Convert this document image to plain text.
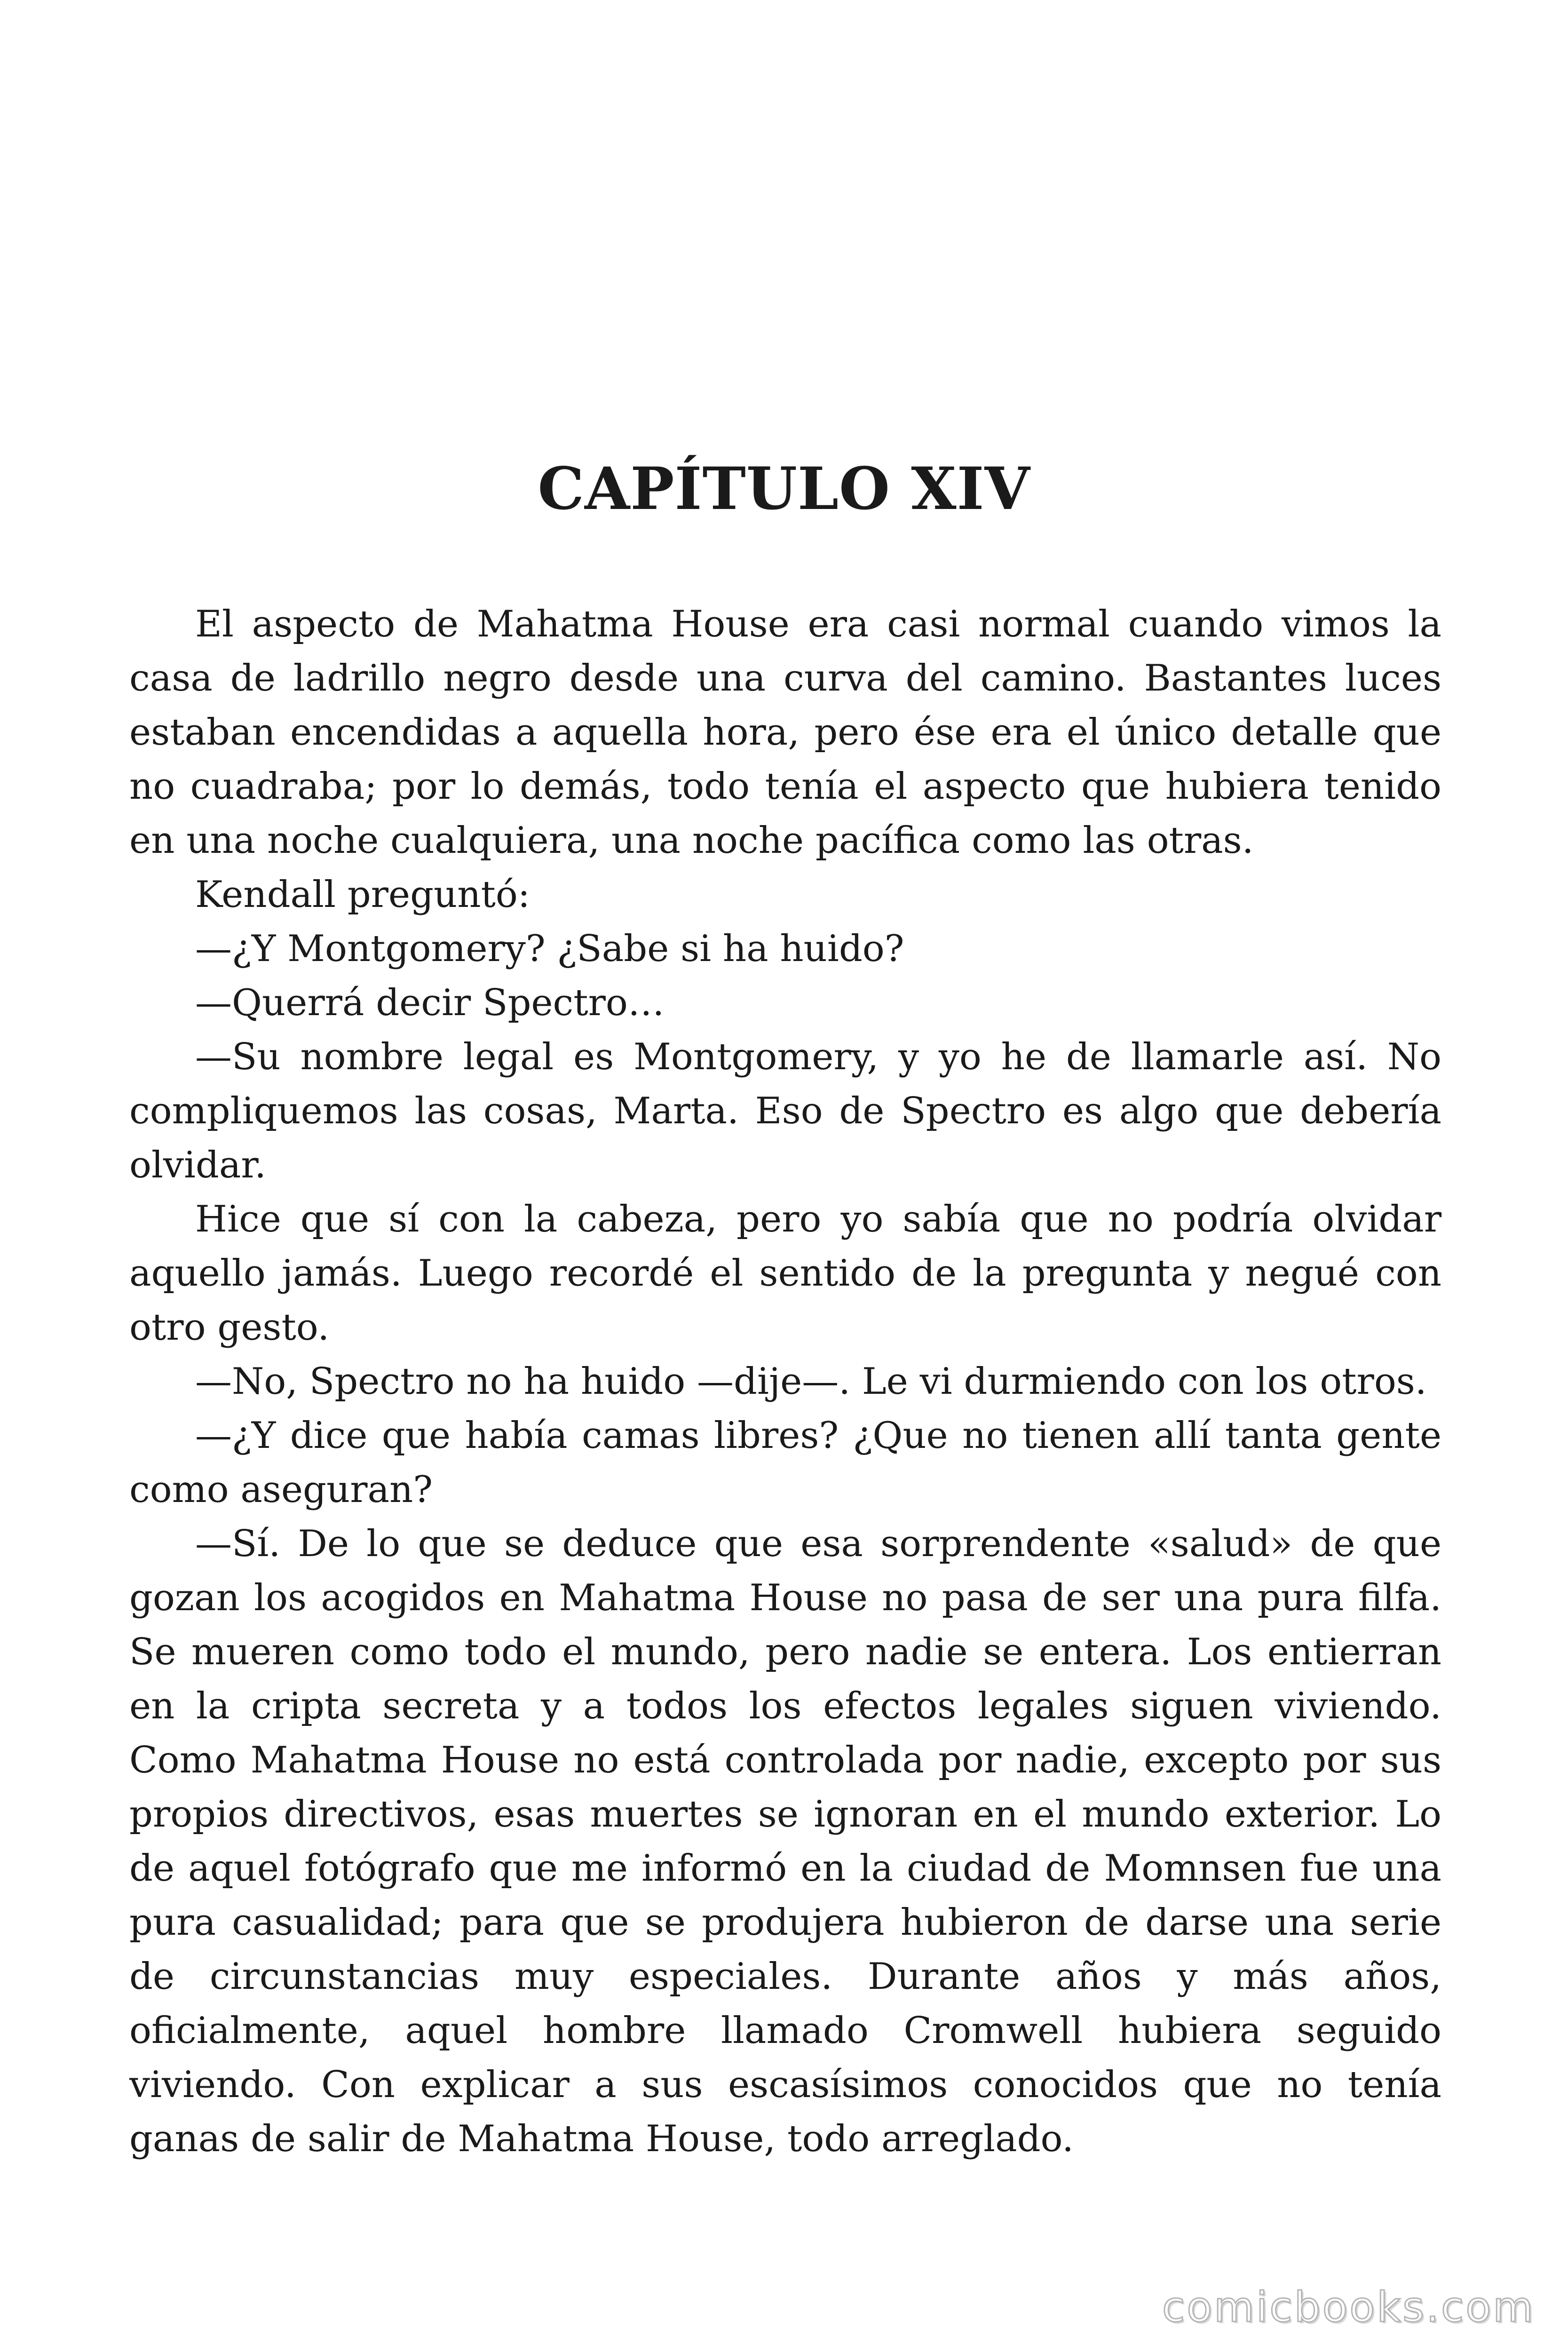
CAPÍTULO XIV

El aspecto de Mahatma House era casi normal cuando vimos la casa de ladrillo negro desde una curva del camino. Bastantes luces estaban encendidas a aquella hora, pero ése era el único detalle que no cuadraba; por lo demás, todo tenía el aspecto que hubiera tenido en una noche cualquiera, una noche pacífica como las otras.

Kendall preguntó:

—¿Y Montgomery? ¿Sabe si ha huido?

—Querrá decir Spectro…

—Su nombre legal es Montgomery, y yo he de llamarle así. No compliquemos las cosas, Marta. Eso de Spectro es algo que debería olvidar.

Hice que sí con la cabeza, pero yo sabía que no podría olvidar aquello jamás. Luego recordé el sentido de la pregunta y negué con otro gesto.

—No, Spectro no ha huido —dije—. Le vi durmiendo con los otros.

—¿Y dice que había camas libres? ¿Que no tienen allí tanta gente como aseguran?

—Sí. De lo que se deduce que esa sorprendente «salud» de que gozan los acogidos en Mahatma House no pasa de ser una pura filfa. Se mueren como todo el mundo, pero nadie se entera. Los entierran en la cripta secreta y a todos los efectos legales siguen viviendo. Como Mahatma House no está controlada por nadie, excepto por sus propios directivos, esas muertes se ignoran en el mundo exterior. Lo de aquel fotógrafo que me informó en la ciudad de Momnsen fue una pura casualidad; para que se produjera hubieron de darse una serie de circunstancias muy especiales. Durante años y más años, oficialmente, aquel hombre llamado Cromwell hubiera seguido viviendo. Con explicar a sus escasísimos conocidos que no tenía ganas de salir de Mahatma House, todo arreglado.

comicbooks.com
